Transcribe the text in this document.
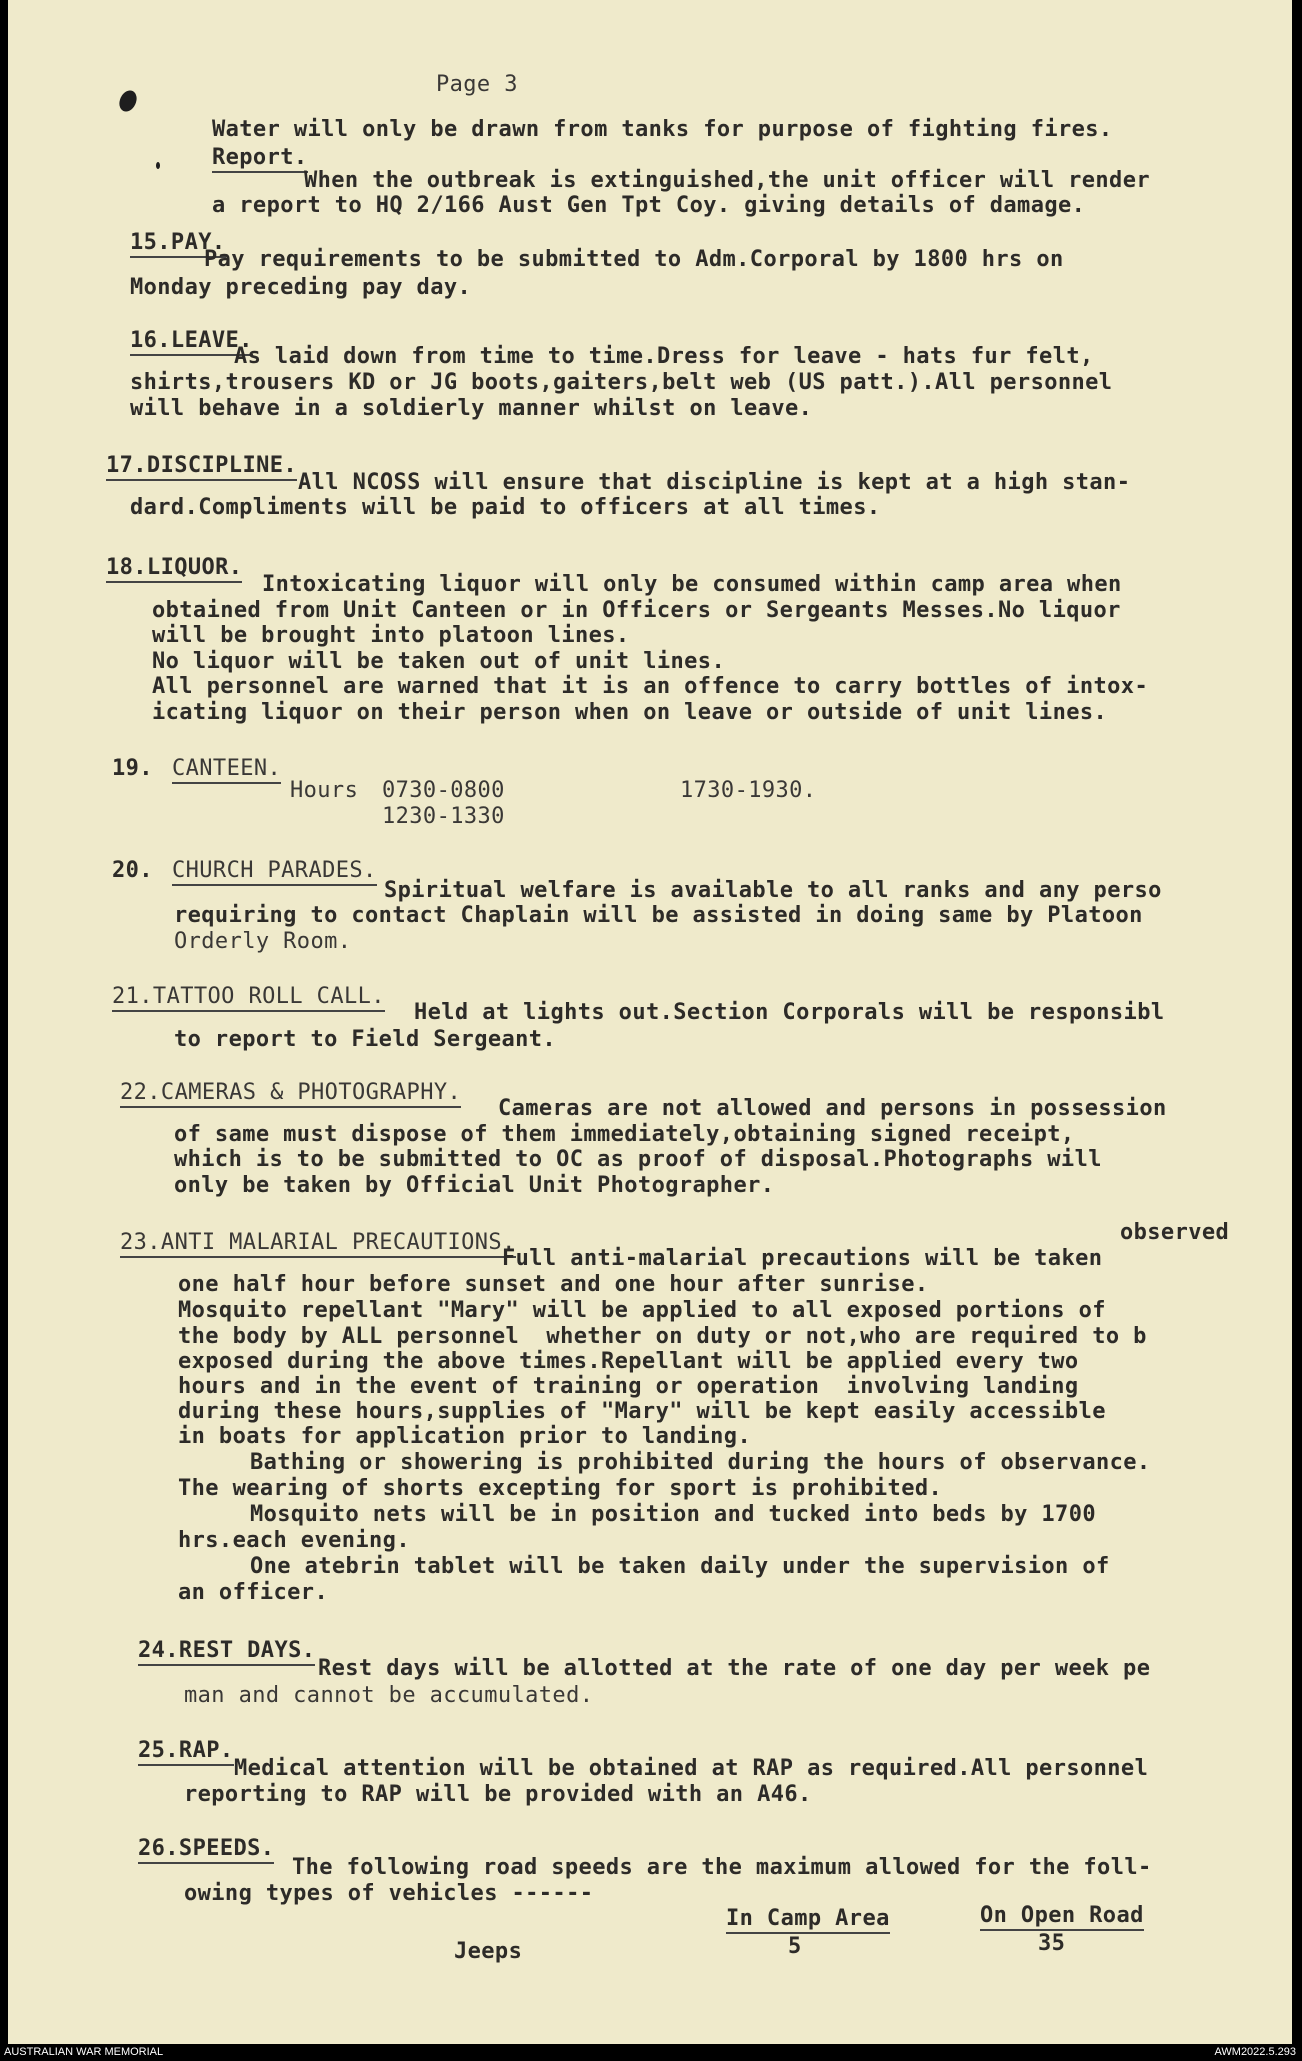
Page 3
Water will only be drawn from tanks for purpose of fighting fires.
Report.
When the outbreak is extinguished,the unit officer will render
a report to HQ 2/166 Aust Gen Tpt Coy. giving details of damage.
15.PAY.
Pay requirements to be submitted to Adm.Corporal by 1800 hrs on
Monday preceding pay day.
16.LEAVE.
As laid down from time to time.Dress for leave - hats fur felt,
shirts,trousers KD or JG boots,gaiters,belt web (US patt.).All personnel
will behave in a soldierly manner whilst on leave.
17.DISCIPLINE.
All NCOSS will ensure that discipline is kept at a high stan-
dard.Compliments will be paid to officers at all times.
18.LIQUOR.
Intoxicating liquor will only be consumed within camp area when
obtained from Unit Canteen or in Officers or Sergeants Messes.No liquor
will be brought into platoon lines.
No liquor will be taken out of unit lines.
All personnel are warned that it is an offence to carry bottles of intox-
icating liquor on their person when on leave or outside of unit lines.
19. CANTEEN.
Hours 0730-0800
1230-1330
1730-1930.
20. CHURCH PARADES.
Spiritual welfare is available to all ranks and any perso
requiring to contact Chaplain will be assisted in doing same by Platoon
Orderly Room.
21.TATTOO ROLL CALL.
Held at lights out.Section Corporals will be responsibl
to report to Field Sergeant.
22.CAMERAS & PHOTOGRAPHY.
Cameras are not allowed and persons in possession
of same must dispose of them immediately,obtaining signed receipt,
which is to be submitted to OC as proof of disposal.Photographs will
only be taken by Official Unit Photographer.
23.ANTI MALARIAL PRECAUTIONS.	observed
Full anti-malarial precautions will be taken
one half hour before sunset and one hour after sunrise.
Mosquito repellant "Mary" will be applied to all exposed portions of
the body by ALL personnel  whether on duty or not,who are required to b
exposed during the above times.Repellant will be applied every two
hours and in the event of training or operation  involving landing
during these hours,supplies of "Mary" will be kept easily accessible
in boats for application prior to landing.
Bathing or showering is prohibited during the hours of observance.
The wearing of shorts excepting for sport is prohibited.
Mosquito nets will be in position and tucked into beds by 1700
hrs.each evening.
One atebrin tablet will be taken daily under the supervision of
an officer.
24.REST DAYS.
Rest days will be allotted at the rate of one day per week pe
man and cannot be accumulated.
25.RAP.
Medical attention will be obtained at RAP as required.All personnel
reporting to RAP will be provided with an A46.
26.SPEEDS.
The following road speeds are the maximum allowed for the foll-
owing types of vehicles ------
In Camp Area	On Open Road
Jeeps	5	35
AUSTRALIAN WAR MEMORIAL	AWM2022.5.293
